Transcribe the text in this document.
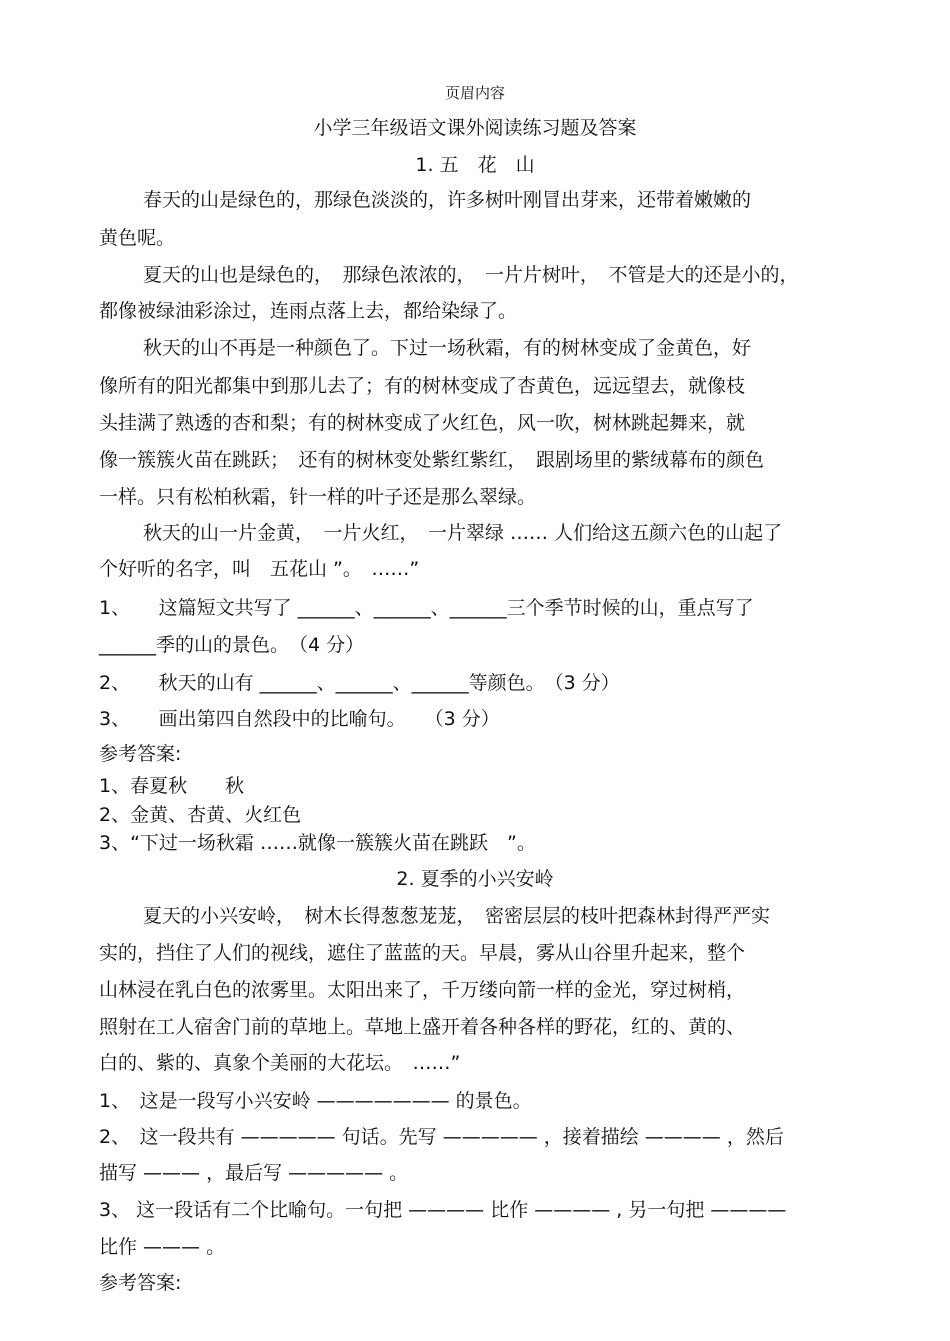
页眉内容
小学三年级语文课外阅读练习题及答案
1. 五　花　山
春天的山是绿色的，那绿色淡淡的，许多树叶刚冒出芽来，还带着嫩嫩的
黄色呢。
夏天的山也是绿色的，　那绿色浓浓的，　一片片树叶，　不管是大的还是小的，
都像被绿油彩涂过，连雨点落上去，都给染绿了。
秋天的山不再是一种颜色了。下过一场秋霜，有的树林变成了金黄色，好
像所有的阳光都集中到那儿去了；有的树林变成了杏黄色，远远望去，就像枝
头挂满了熟透的杏和梨；有的树林变成了火红色，风一吹，树林跳起舞来，就
像一簇簇火苗在跳跃；　还有的树林变处紫红紫红，　跟剧场里的紫绒幕布的颜色
一样。只有松柏秋霜，针一样的叶子还是那么翠绿。
秋天的山一片金黄，　一片火红，　一片翠绿 …… 人们给这五颜六色的山起了
个好听的名字，叫　五花山 ”。　……”
1、　　这篇短文共写了 ______、______、______三个季节时候的山，重点写了
______季的山的景色。　（4 分）
2、　　秋天的山有 ______、______、______等颜色。　（3 分）
3、　　画出第四自然段中的比喻句。　　（3 分）
参考答案:
1、春夏秋　　秋
2、金黄、杏黄、火红色
3、“下过一场秋霜 ……就像一簇簇火苗在跳跃　”。
2. 夏季的小兴安岭
夏天的小兴安岭，　树木长得葱葱茏茏，　密密层层的枝叶把森林封得严严实
实的，挡住了人们的视线，遮住了蓝蓝的天。早晨，雾从山谷里升起来，整个
山林浸在乳白色的浓雾里。太阳出来了，千万缕向箭一样的金光，穿过树梢，
照射在工人宿舍门前的草地上。草地上盛开着各种各样的野花，红的、黄的、
白的、紫的、真象个美丽的大花坛。　……”
1、　这是一段写小兴安岭 ——————— 的景色。
2、　这一段共有 ————— 句话。先写 ————— ，接着描绘 ———— ，然后
描写 ——— ，最后写 ————— 。
3、 这一段话有二个比喻句。一句把 ———— 比作 ———— , 另一句把 ————
比作 ——— 。
参考答案:
